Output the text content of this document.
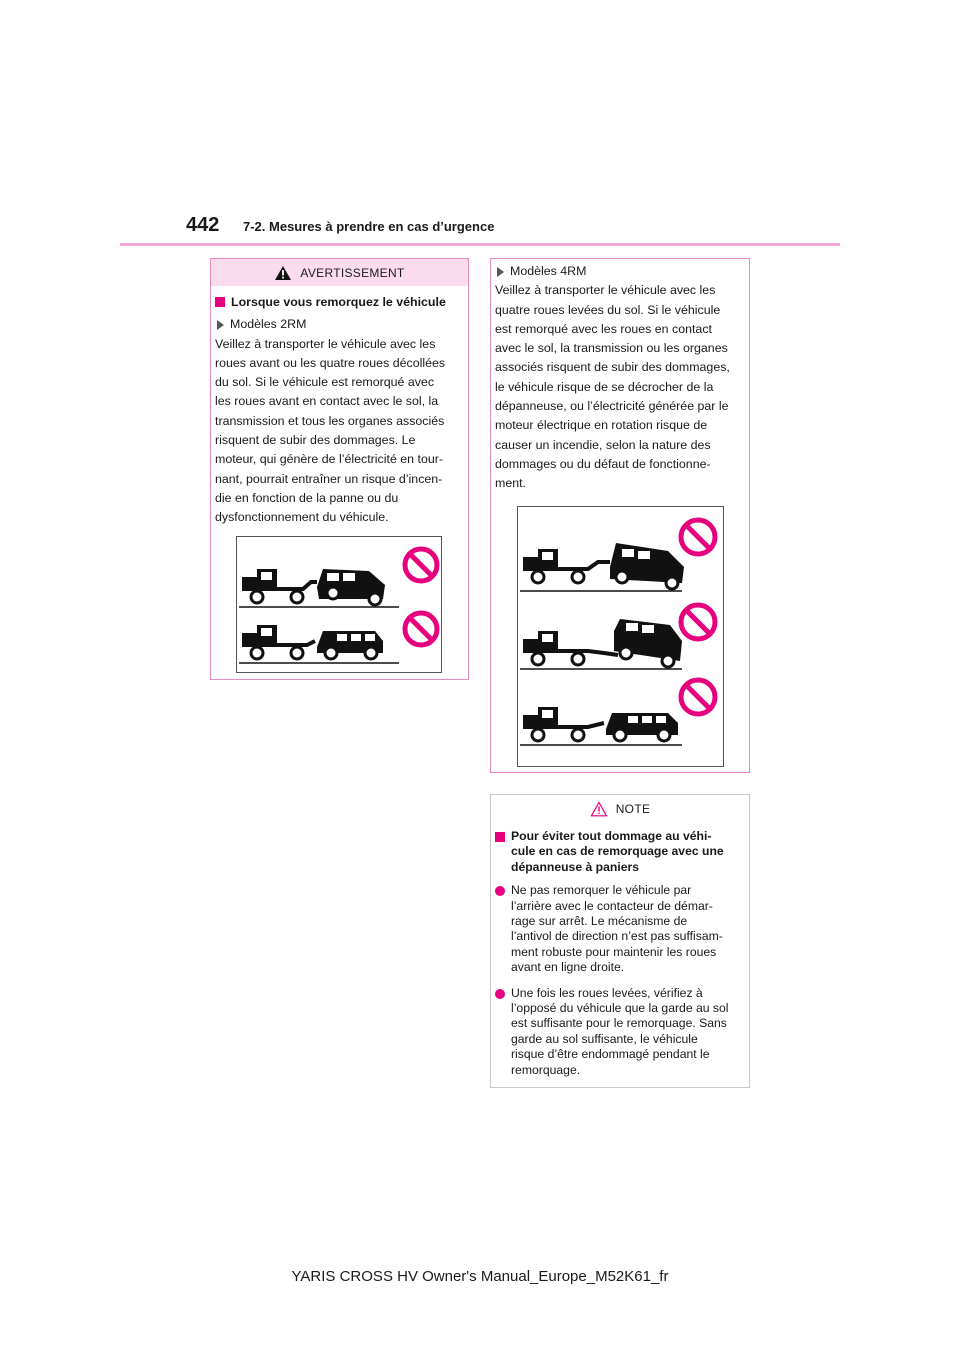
442 7-2. Mesures à prendre en cas d’urgence
AVERTISSEMENT
Lorsque vous remorquez le véhicule
Modèles 2RM
Veillez à transporter le véhicule avec les
roues avant ou les quatre roues décollées
du sol. Si le véhicule est remorqué avec
les roues avant en contact avec le sol, la
transmission et tous les organes associés
risquent de subir des dommages. Le
moteur, qui génère de l’électricité en tour-
nant, pourrait entraîner un risque d’incen-
die en fonction de la panne ou du
dysfonctionnement du véhicule.
Modèles 4RM
Veillez à transporter le véhicule avec les
quatre roues levées du sol. Si le véhicule
est remorqué avec les roues en contact
avec le sol, la transmission ou les organes
associés risquent de subir des dommages,
le véhicule risque de se décrocher de la
dépanneuse, ou l’électricité générée par le
moteur électrique en rotation risque de
causer un incendie, selon la nature des
dommages ou du défaut de fonctionne-
ment.
NOTE
Pour éviter tout dommage au véhi-
cule en cas de remorquage avec une
dépanneuse à paniers
Ne pas remorquer le véhicule par
l’arrière avec le contacteur de démar-
rage sur arrêt. Le mécanisme de
l’antivol de direction n’est pas suffisam-
ment robuste pour maintenir les roues
avant en ligne droite.
Une fois les roues levées, vérifiez à
l’opposé du véhicule que la garde au sol
est suffisante pour le remorquage. Sans
garde au sol suffisante, le véhicule
risque d’être endommagé pendant le
remorquage.
YARIS CROSS HV Owner's Manual_Europe_M52K61_fr
